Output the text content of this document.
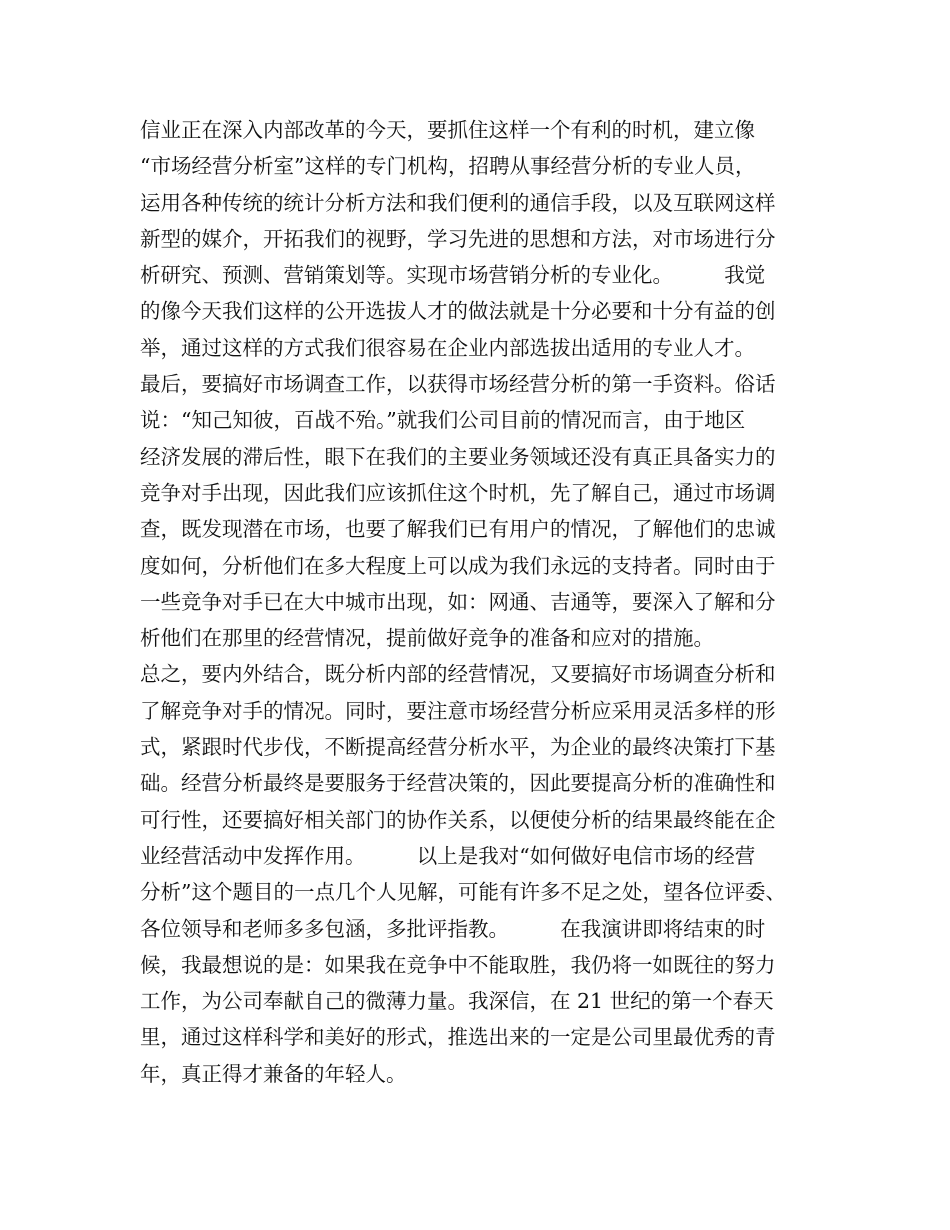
信业正在深入内部改革的今天，要抓住这样一个有利的时机，建立像
“市场经营分析室”这样的专门机构，招聘从事经营分析的专业人员，
运用各种传统的统计分析方法和我们便利的通信手段，以及互联网这样
新型的媒介，开拓我们的视野，学习先进的思想和方法，对市场进行分
析研究、预测、营销策划等。实现市场营销分析的专业化。　　　我觉
的像今天我们这样的公开选拔人才的做法就是十分必要和十分有益的创
举，通过这样的方式我们很容易在企业内部选拔出适用的专业人才。
最后，要搞好市场调查工作，以获得市场经营分析的第一手资料。俗话
说：“知己知彼，百战不殆。”就我们公司目前的情况而言，由于地区
经济发展的滞后性，眼下在我们的主要业务领域还没有真正具备实力的
竞争对手出现，因此我们应该抓住这个时机，先了解自己，通过市场调
查，既发现潜在市场，也要了解我们已有用户的情况，了解他们的忠诚
度如何，分析他们在多大程度上可以成为我们永远的支持者。同时由于
一些竞争对手已在大中城市出现，如：网通、吉通等，要深入了解和分
析他们在那里的经营情况，提前做好竞争的准备和应对的措施。
总之，要内外结合，既分析内部的经营情况，又要搞好市场调查分析和
了解竞争对手的情况。同时，要注意市场经营分析应采用灵活多样的形
式，紧跟时代步伐，不断提高经营分析水平，为企业的最终决策打下基
础。经营分析最终是要服务于经营决策的，因此要提高分析的准确性和
可行性，还要搞好相关部门的协作关系，以便使分析的结果最终能在企
业经营活动中发挥作用。　　　以上是我对“如何做好电信市场的经营
分析”这个题目的一点几个人见解，可能有许多不足之处，望各位评委、
各位领导和老师多多包涵，多批评指教。　　　在我演讲即将结束的时
候，我最想说的是：如果我在竞争中不能取胜，我仍将一如既往的努力
工作，为公司奉献自己的微薄力量。我深信，在 21 世纪的第一个春天
里，通过这样科学和美好的形式，推选出来的一定是公司里最优秀的青
年，真正得才兼备的年轻人。
